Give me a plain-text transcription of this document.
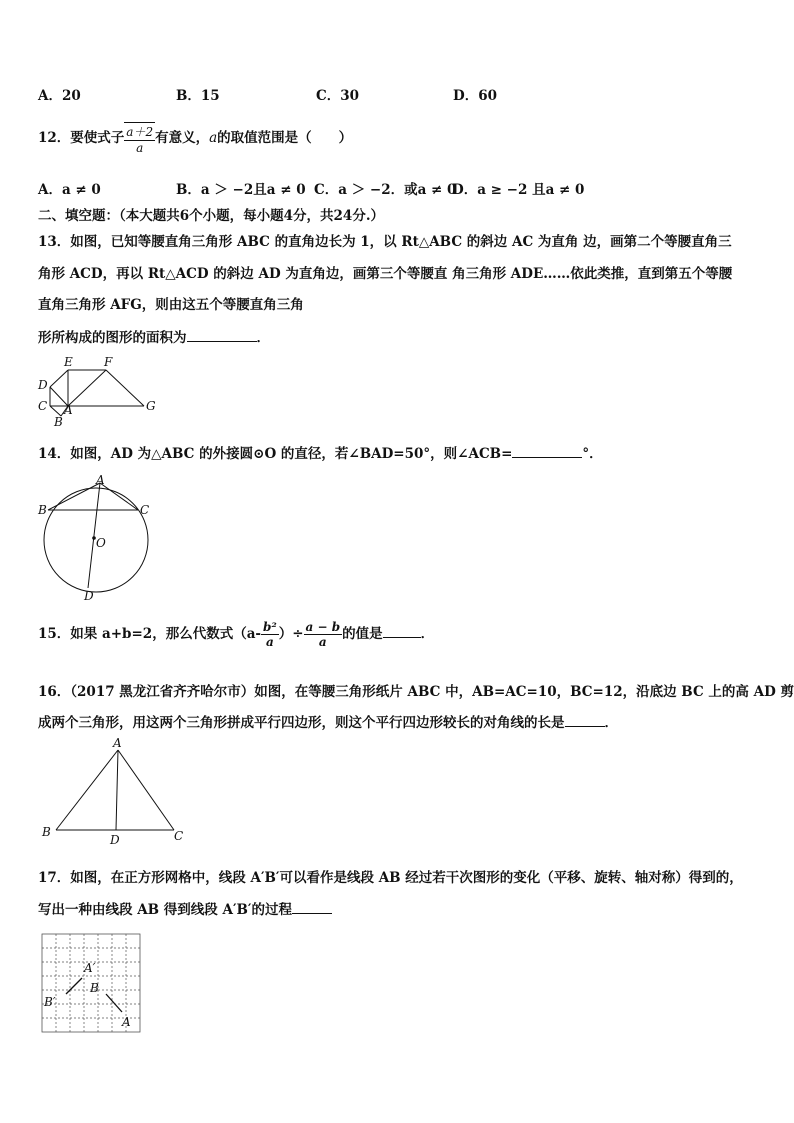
A．20	B．15	C．30	D．60
12．要使式子 $\frac{a+2}{a}$ 有意义，a的取值范围是（　　）
A．a ≠ 0	B．a ＞ −2且a ≠ 0 C．a ＞ −2．或a ≠ 0
D．a ≥ −2 且a ≠ 0
二、填空题：（本大题共6个小题，每小题4分，共24分.）
13．如图，已知等腰直角三角形 ABC 的直角边长为 1，以 Rt△ABC 的斜边 AC 为直角 边，画第二个等腰直角三
角形 ACD，再以 Rt△ACD 的斜边 AD 为直角边，画第三个等腰直 角三角形 ADE……依此类推，直到第五个等腰
直角三角形 AFG，则由这五个等腰直角三角
形所构成的图形的面积为	．
E	F
D
C A
B
G
14．如图，AD 为△ABC 的外接圆⊙O 的直径，若∠BAD=50°，则∠ACB=	°．
A
B	C
O
D
15．如果 a+b=2，那么代数式（$a- \frac{\text{b²}}{a}$ ）÷ $\frac{a - b}{a}$ 的值是	．
16．（2017 黑龙江省齐齐哈尔市）如图，在等腰三角形纸片 ABC 中，AB=AC=10，BC=12，沿底边 BC 上的高 AD 剪
成两个三角形，用这两个三角形拼成平行四边形，则这个平行四边形较长的对角线的长是	．
A
B
D	C
17．如图，在正方形网格中，线段 A′B′可以看作是线段 AB 经过若干次图形的变化（平移、旋转、轴对称）得到的，
写出一种由线段 AB 得到线段 A′B′的过程
A′
B′
B
A
